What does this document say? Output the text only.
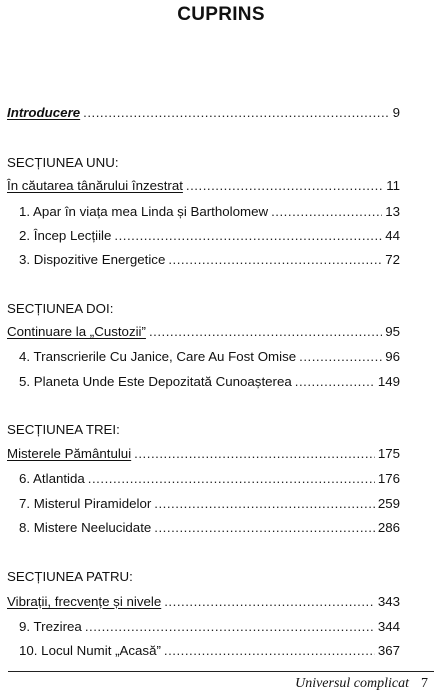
CUPRINS
Introducere .....	9
SECȚIUNEA UNU:
În căutarea tânărului înzestrat .....	11
1. Apar în viața mea Linda și Bartholomew .....	13
2. Încep Lecțiile .....	44
3. Dispozitive Energetice .....	72
SECȚIUNEA DOI:
Continuare la „Custozii” .....	95
4. Transcrierile Cu Janice, Care Au Fost Omise .....	96
5. Planeta Unde Este Depozitată Cunoașterea .....	149
SECȚIUNEA TREI:
Misterele Pământului .....	175
6. Atlantida .....	176
7. Misterul Piramidelor .....	259
8. Mistere Neelucidate .....	286
SECȚIUNEA PATRU:
Vibrații, frecvențe și nivele .....	343
9. Trezirea .....	344
10. Locul Numit „Acasă” .....	367
Universul complicat 7
